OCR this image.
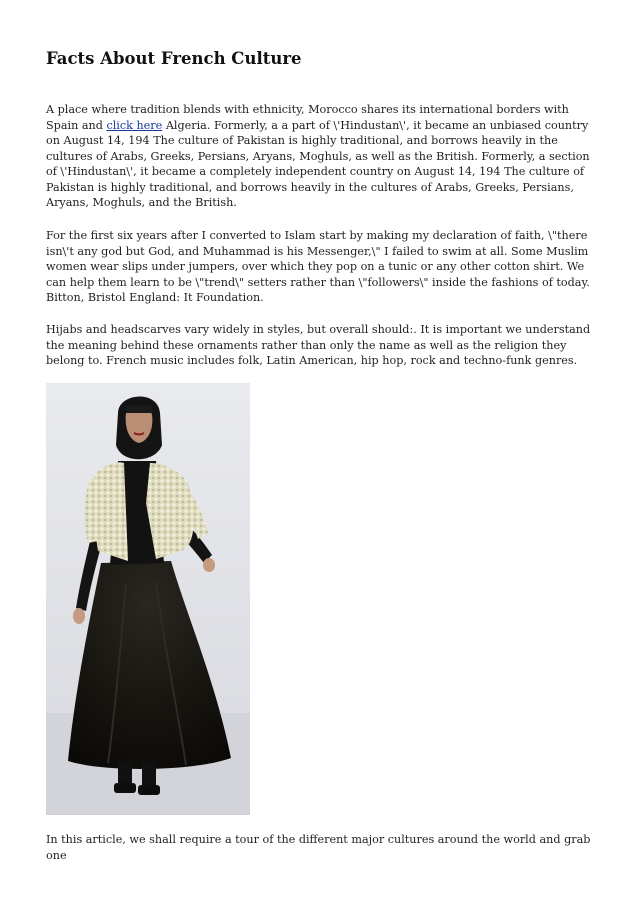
Facts About French Culture

A place where tradition blends with ethnicity, Morocco shares its international borders with Spain and click here Algeria. Formerly, a a part of \'Hindustan\', it became an unbiased country on August 14, 194 The culture of Pakistan is highly traditional, and borrows heavily in the cultures of Arabs, Greeks, Persians, Aryans, Moghuls, as well as the British. Formerly, a section of \'Hindustan\', it became a completely independent country on August 14, 194 The culture of Pakistan is highly traditional, and borrows heavily in the cultures of Arabs, Greeks, Persians, Aryans, Moghuls, and the British.

For the first six years after I converted to Islam start by making my declaration of faith, \"there isn\'t any god but God, and Muhammad is his Messenger,\" I failed to swim at all. Some Muslim women wear slips under jumpers, over which they pop on a tunic or any other cotton shirt. We can help them learn to be \"trend\" setters rather than \"followers\" inside the fashions of today. Bitton, Bristol England: It Foundation.

Hijabs and headscarves vary widely in styles, but overall should:. It is important we understand the meaning behind these ornaments rather than only the name as well as the religion they belong to. French music includes folk, Latin American, hip hop, rock and techno-funk genres.

In this article, we shall require a tour of the different major cultures around the world and grab one
